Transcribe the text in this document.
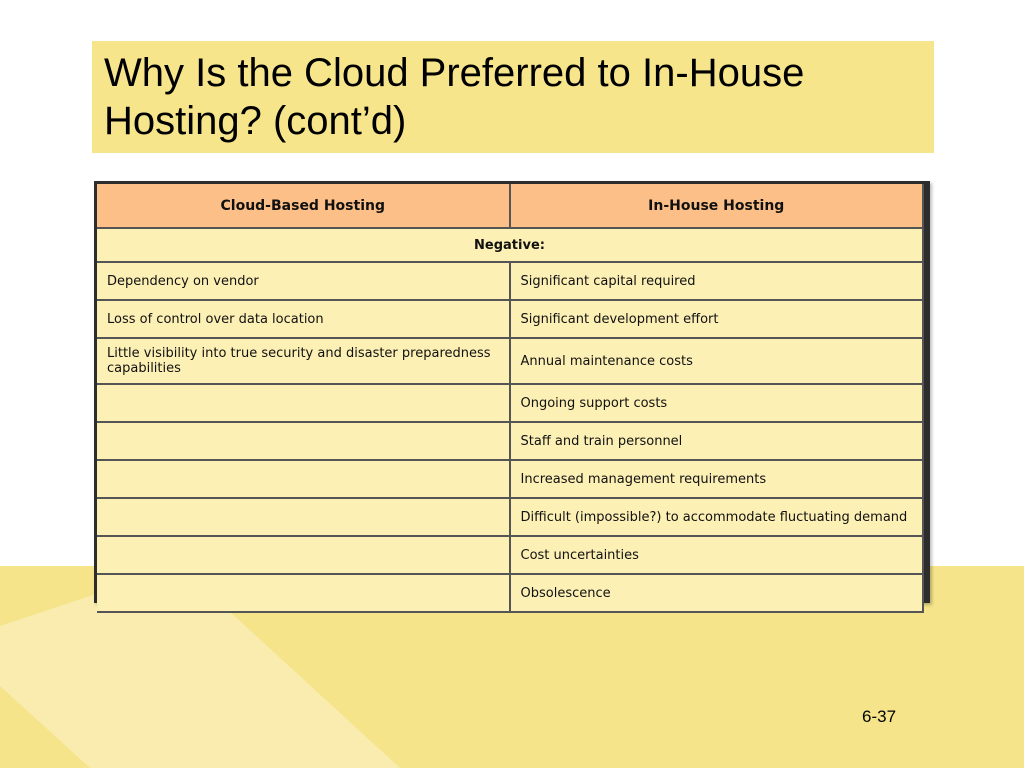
Why Is the Cloud Preferred to In-House
Hosting? (cont’d)
Cloud-Based Hosting	In-House Hosting
Negative:	
Dependency on vendor	Significant capital required
Loss of control over data location	Significant development effort
Little visibility into true security and disaster preparedness capabilities	Annual maintenance costs
	Ongoing support costs
	Staff and train personnel
	Increased management requirements
	Difficult (impossible?) to accommodate fluctuating demand
	Cost uncertainties
	Obsolescence
6-37
